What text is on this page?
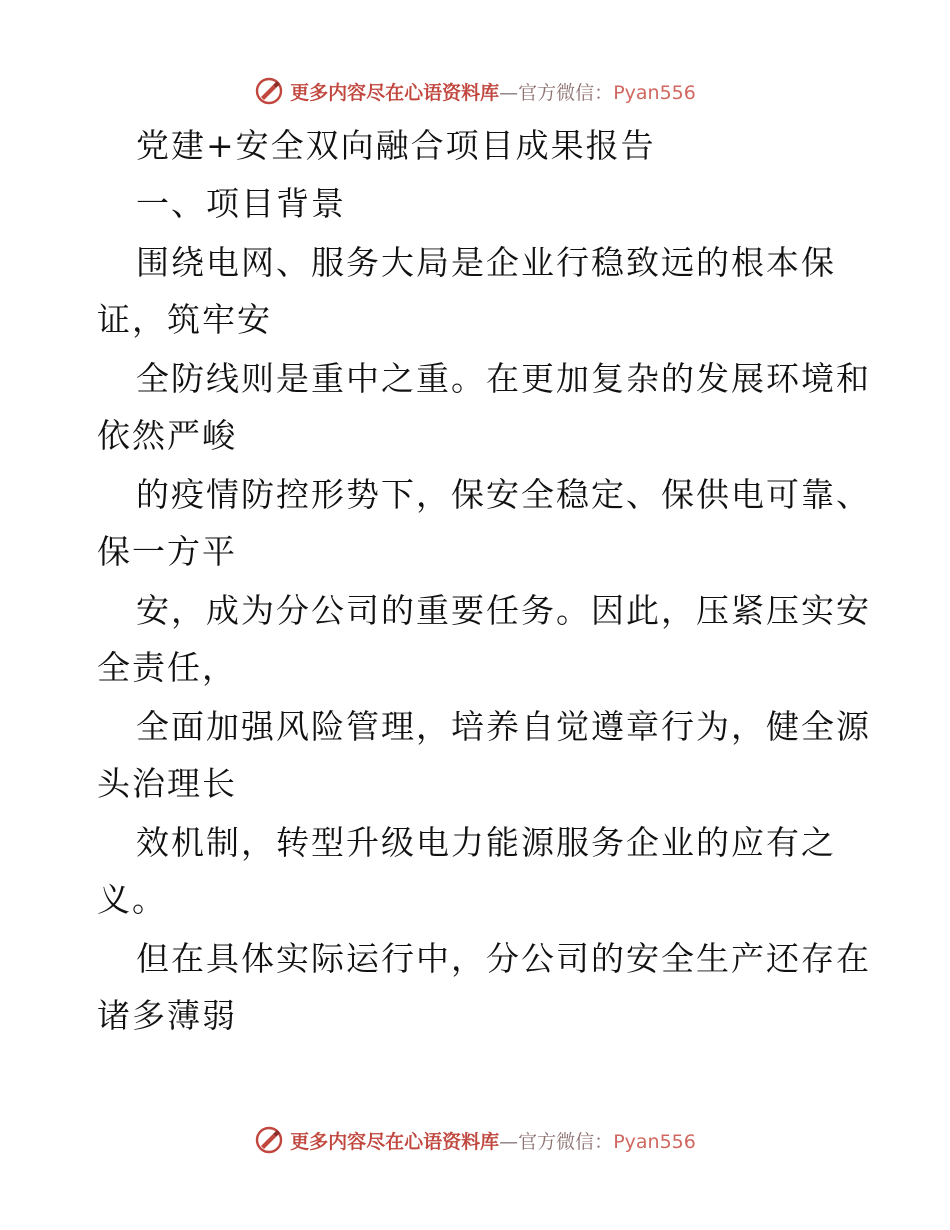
更多内容尽在心语资料库—官方微信：Pyan556
党建+安全双向融合项目成果报告
一、项目背景
围绕电网、服务大局是企业行稳致远的根本保
证，筑牢安
全防线则是重中之重。在更加复杂的发展环境和
依然严峻
的疫情防控形势下，保安全稳定、保供电可靠、
保一方平
安，成为分公司的重要任务。因此，压紧压实安
全责任，
全面加强风险管理，培养自觉遵章行为，健全源
头治理长
效机制，转型升级电力能源服务企业的应有之
义。
但在具体实际运行中，分公司的安全生产还存在
诸多薄弱
更多内容尽在心语资料库—官方微信：Pyan556
